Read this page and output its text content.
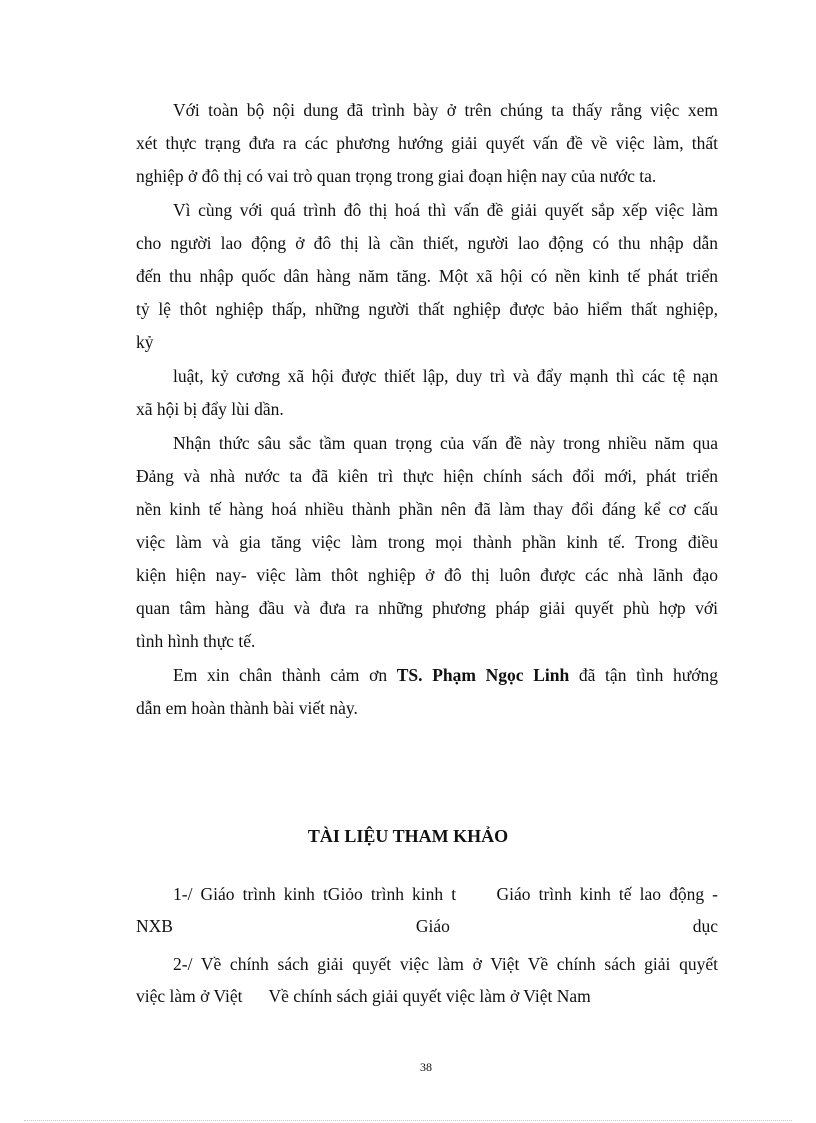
Với toàn bộ nội dung đã trình bày ở trên chúng ta thấy rằng việc xem
xét thực trạng đưa ra các phương hướng giải quyết vấn đề về việc làm, thất
nghiệp ở đô thị có vai trò quan trọng trong giai đoạn hiện nay của nước ta.
Vì cùng với quá trình đô thị hoá thì vấn đề giải quyết sắp xếp việc làm
cho người lao động ở đô thị là cần thiết, người lao động có thu nhập dẫn
đến thu nhập quốc dân hàng năm tăng. Một xã hội có nền kinh tế phát triển
tỷ lệ thôt nghiệp thấp, những người thất nghiệp được bảo hiểm thất nghiệp,
kỷ
luật, kỷ cương xã hội được thiết lập, duy trì và đẩy mạnh thì các tệ nạn
xã hội bị đẩy lùi dần.
Nhận thức sâu sắc tầm quan trọng của vấn đề này trong nhiều năm qua
Đảng và nhà nước ta đã kiên trì thực hiện chính sách đổi mới, phát triển
nền kinh tế hàng hoá nhiều thành phần nên đã làm thay đổi đáng kể cơ cấu
việc làm và gia tăng việc làm trong mọi thành phần kinh tế. Trong điều
kiện hiện nay- việc làm thôt nghiệp ở đô thị luôn được các nhà lãnh đạo
quan tâm hàng đầu và đưa ra những phương pháp giải quyết phù hợp với
tình hình thực tế.
Em xin chân thành cảm ơn TS. Phạm Ngọc Linh đã tận tình hướng
dẫn em hoàn thành bài viết này.
TÀI LIỆU THAM KHẢO
1-/ Giáo trình kinh tGiỏo trình kinh t     Giáo trình kinh tế lao động -
NXB Giáo dục
2-/ Về chính sách giải quyết việc làm ở Việt Về chính sách giải quyết
việc làm ở Việt      Về chính sách giải quyết việc làm ở Việt Nam
38
